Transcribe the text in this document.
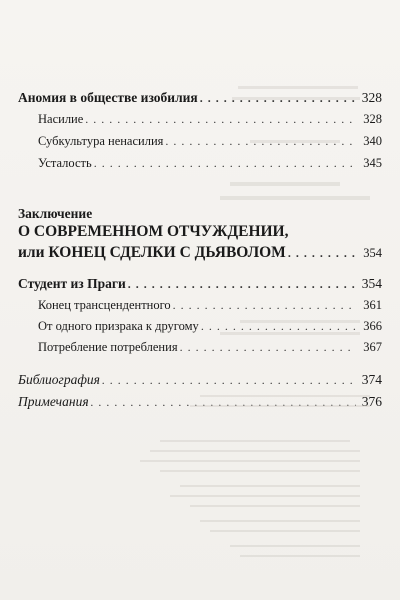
Аномия в обществе изобилия . . .	328
Насилие . . .	328
Субкультура ненасилия . . .	340
Усталость . . .	345
Заключение
О СОВРЕМЕННОМ ОТЧУЖДЕНИИ,
или КОНЕЦ СДЕЛКИ С ДЬЯВОЛОМ . . .	354
Студент из Праги . . .	354
Конец трансцендентного . . .	361
От одного призрака к другому . . .	366
Потребление потребления . . .	367
Библиография . . .	374
Примечания . . .	376
